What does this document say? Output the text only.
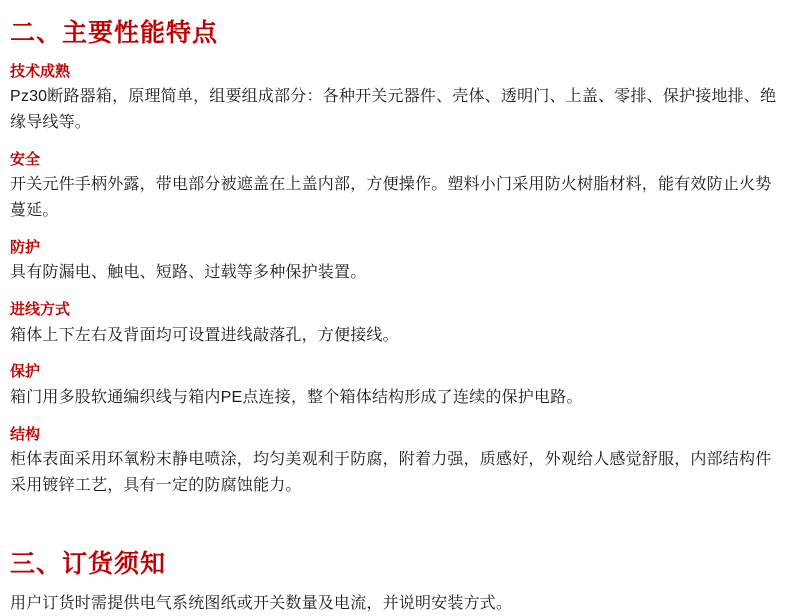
二、主要性能特点
技术成熟

Pz30断路器箱，原理简单，组要组成部分：各种开关元器件、壳体、透明门、上盖、零排、保护接地排、绝缘导线等。

安全

开关元件手柄外露，带电部分被遮盖在上盖内部，方便操作。塑料小门采用防火树脂材料，能有效防止火势蔓延。

防护

具有防漏电、触电、短路、过载等多种保护装置。

进线方式

箱体上下左右及背面均可设置进线敲落孔，方便接线。

保护

箱门用多股软通编织线与箱内PE点连接，整个箱体结构形成了连续的保护电路。

结构

柜体表面采用环氧粉末静电喷涂，均匀美观利于防腐，附着力强，质感好，外观给人感觉舒服，内部结构件采用镀锌工艺，具有一定的防腐蚀能力。

三、订货须知

用户订货时需提供电气系统图纸或开关数量及电流，并说明安装方式。
